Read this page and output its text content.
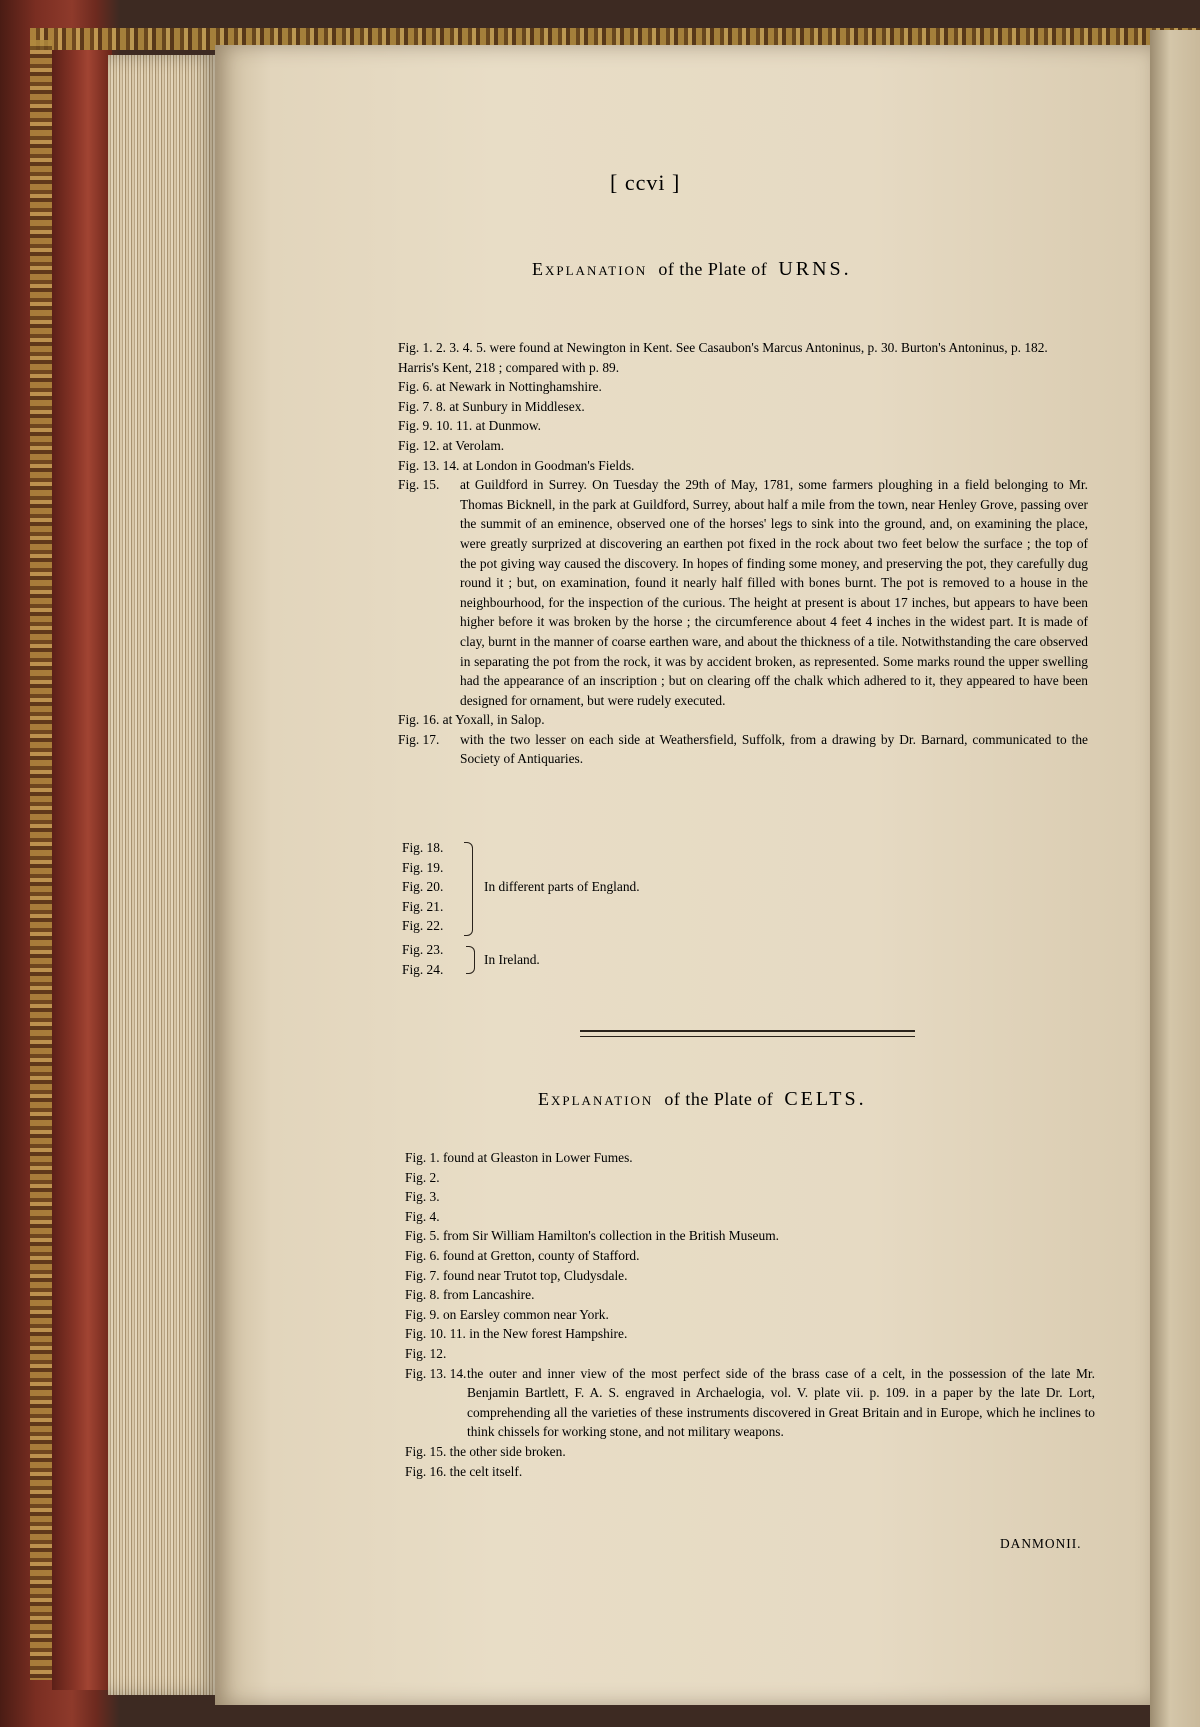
[ ccvi ]
Explanation of the Plate of URNS.
Fig. 1. 2. 3. 4. 5. were found at Newington in Kent. See Casaubon's Marcus Antoninus, p. 30. Burton's Antoninus, p. 182. Harris's Kent, 218 ; compared with p. 89.
Fig. 6.
at Newark in Nottinghamshire.
Fig. 7. 8.
at Sunbury in Middlesex.
Fig. 9. 10. 11.
at Dunmow.
Fig. 12.
at Verolam.
Fig. 13. 14.
at London in Goodman's Fields.
Fig. 15.	at Guildford in Surrey. On Tuesday the 29th of May, 1781, some farmers ploughing in a field belonging to Mr. Thomas Bicknell, in the park at Guildford, Surrey, about half a mile from the town, near Henley Grove, passing over the summit of an eminence, observed one of the horses' legs to sink into the ground, and, on examining the place, were greatly surprized at discovering an earthen pot fixed in the rock about two feet below the surface ; the top of the pot giving way caused the discovery. In hopes of finding some money, and preserving the pot, they carefully dug round it ; but, on examination, found it nearly half filled with bones burnt. The pot is removed to a house in the neighbourhood, for the inspection of the curious. The height at present is about 17 inches, but appears to have been higher before it was broken by the horse ; the circumference about 4 feet 4 inches in the widest part. It is made of clay, burnt in the manner of coarse earthen ware, and about the thickness of a tile. Notwithstanding the care observed in separating the pot from the rock, it was by accident broken, as represented. Some marks round the upper swelling had the appearance of an inscription ; but on clearing off the chalk which adhered to it, they appeared to have been designed for ornament, but were rudely executed.
Fig. 16.
at Yoxall, in Salop.
Fig. 17.	with the two lesser on each side at Weathersfield, Suffolk, from a drawing by Dr. Barnard, communicated to the Society of Antiquaries.
Fig. 18.
Fig. 19.
Fig. 20.
Fig. 21.
Fig. 22.
In different parts of England.
Fig. 23.
Fig. 24.
In Ireland.
Explanation of the Plate of CELTS.
Fig. 1.
found at Gleaston in Lower Fumes.
Fig. 2.
Fig. 3.
Fig. 4.
Fig. 5.
from Sir William Hamilton's collection in the British Museum.
Fig. 6.
found at Gretton, county of Stafford.
Fig. 7.
found near Trutot top, Cludysdale.
Fig. 8.
from Lancashire.
Fig. 9.
on Earsley common near York.
Fig. 10. 11.
in the New forest Hampshire.
Fig. 12.
Fig. 13. 14. the outer and inner view of the most perfect side of the brass case of a celt, in the possession of the late Mr. Benjamin Bartlett, F. A. S. engraved in Archaelogia, vol. V. plate vii. p. 109. in a paper by the late Dr. Lort, comprehending all the varieties of these instruments discovered in Great Britain and in Europe, which he inclines to think chissels for working stone, and not military weapons.
Fig. 15.
the other side broken.
Fig. 16.
the celt itself.
DANMONII.
